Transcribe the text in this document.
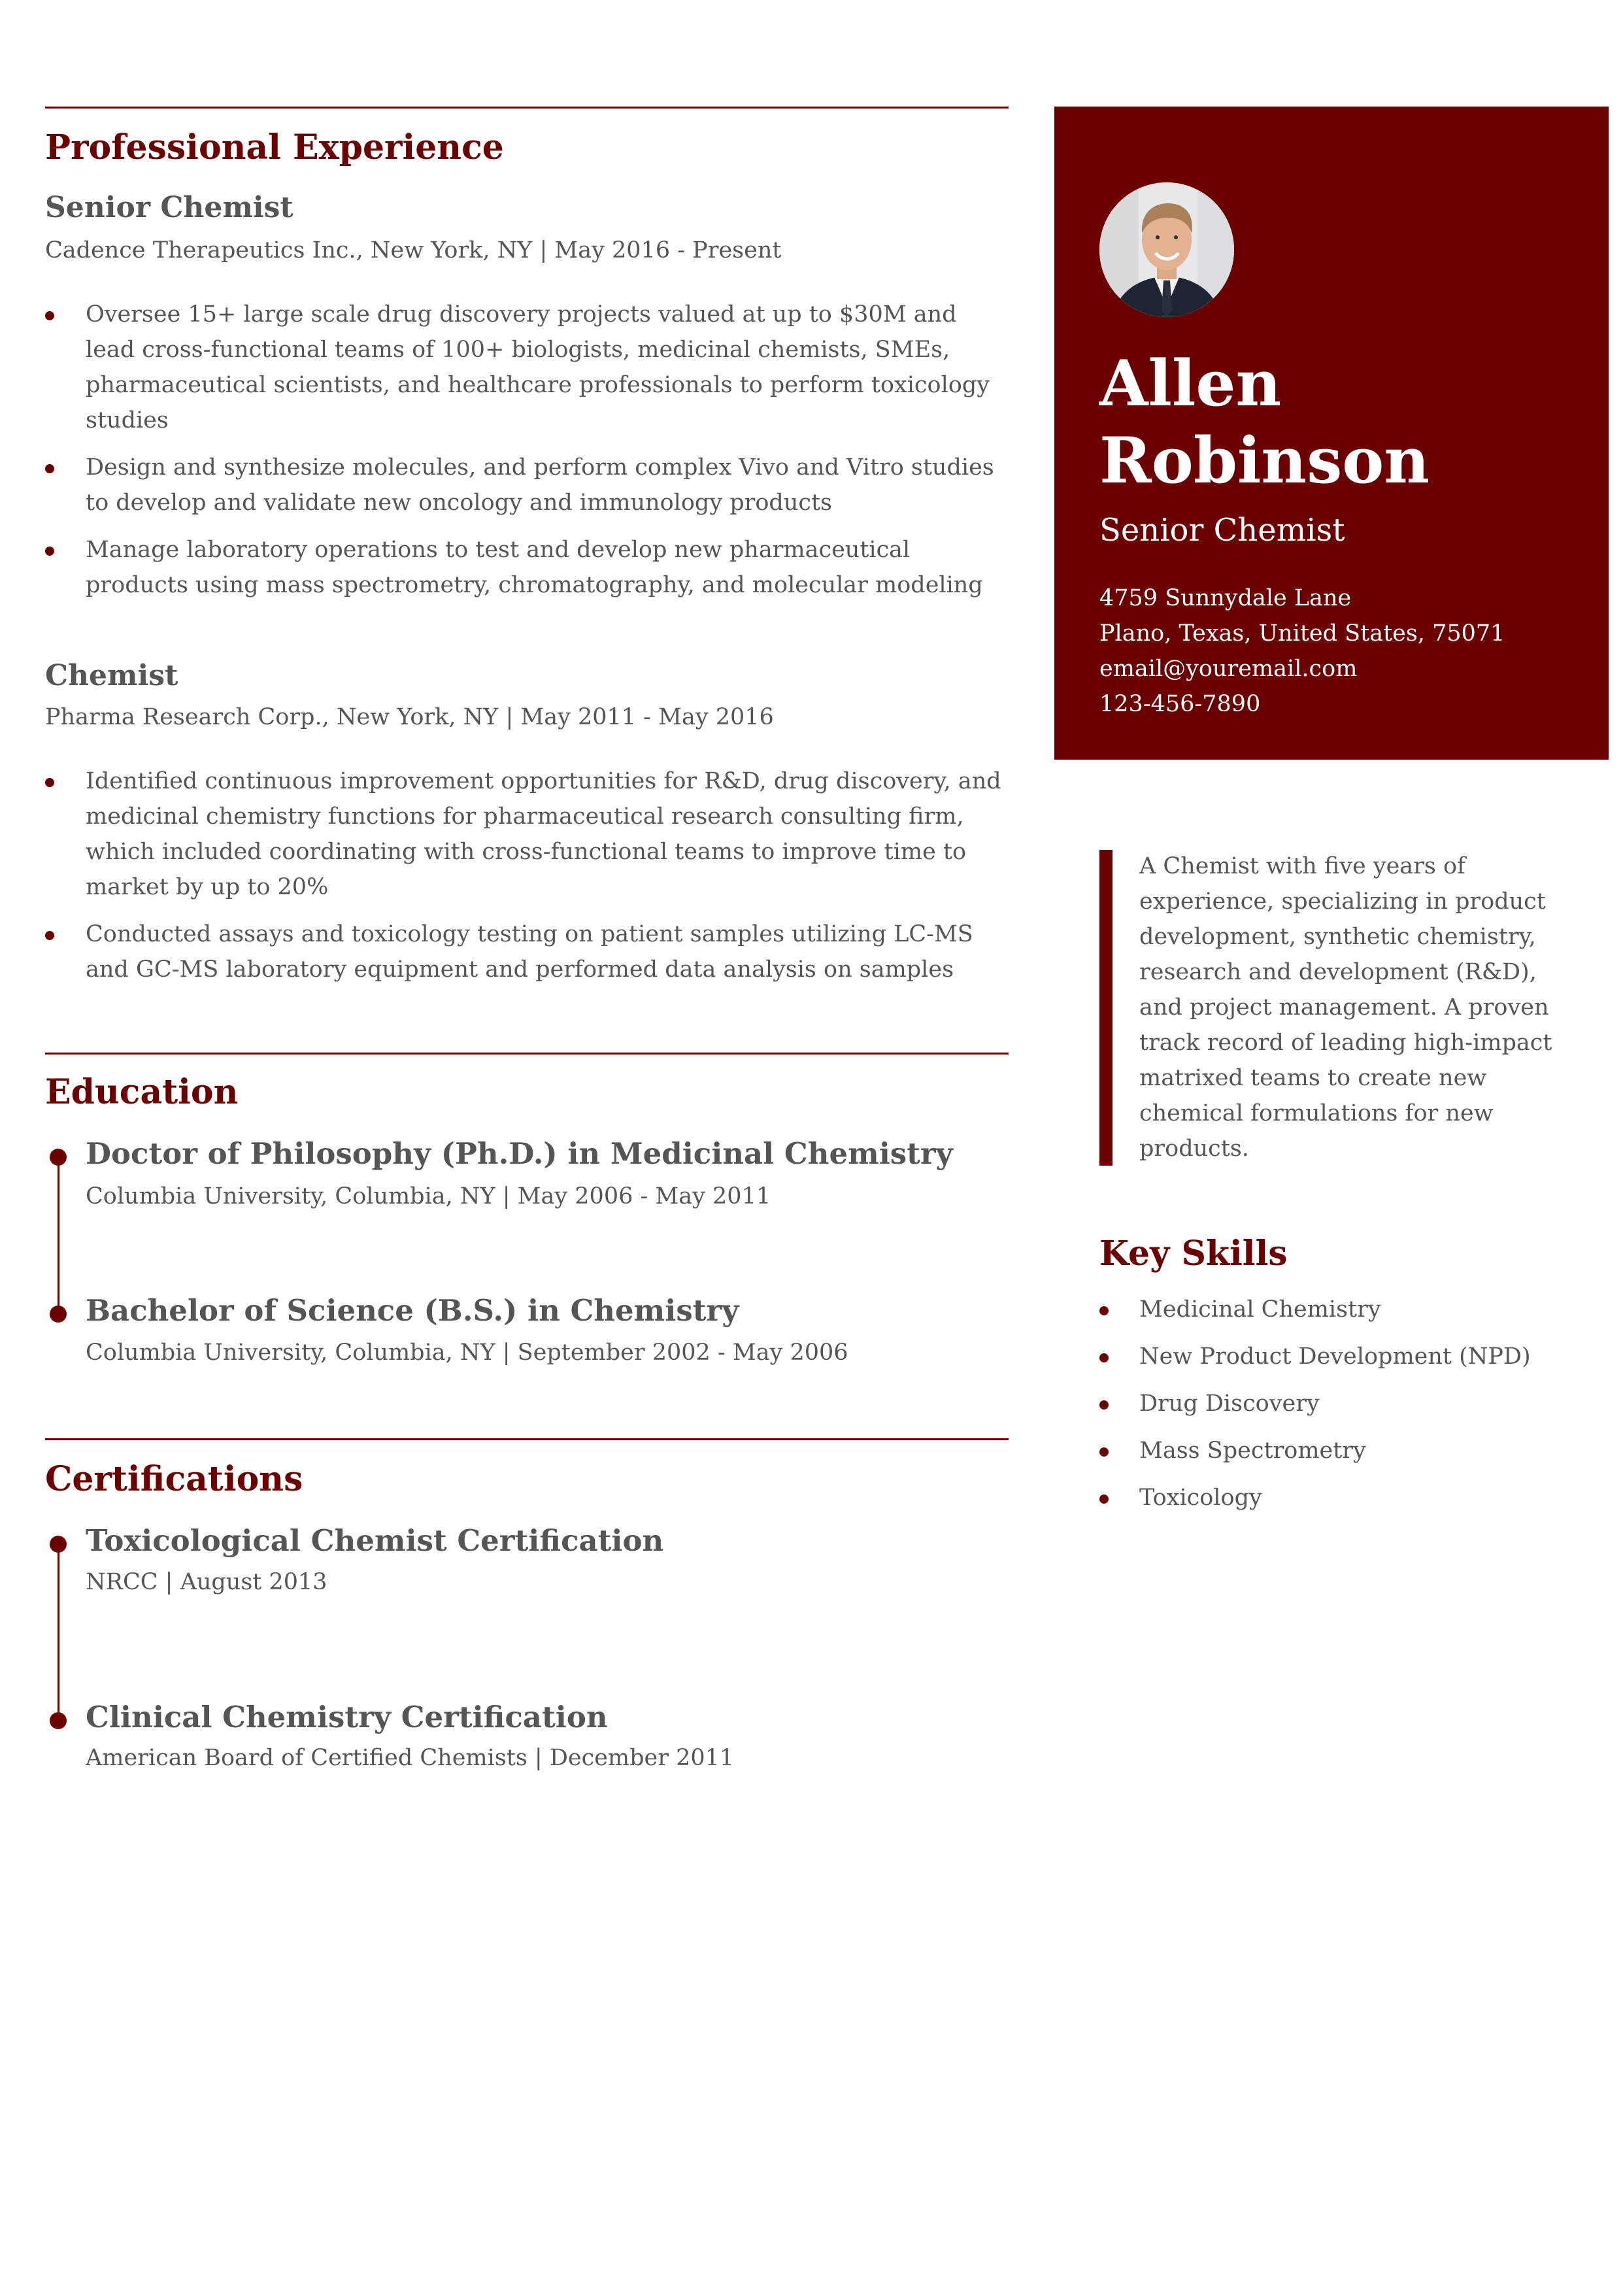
Professional Experience
Senior Chemist

Cadence Therapeutics Inc., New York, NY | May 2016 - Present

Oversee 15+ large scale drug discovery projects valued at up to $30M and lead cross-functional teams of 100+ biologists, medicinal chemists, SMEs, pharmaceutical scientists, and healthcare professionals to perform toxicology studies
Design and synthesize molecules, and perform complex Vivo and Vitro studies to develop and validate new oncology and immunology products
Manage laboratory operations to test and develop new pharmaceutical products using mass spectrometry, chromatography, and molecular modeling
Chemist

Pharma Research Corp., New York, NY | May 2011 - May 2016

Identified continuous improvement opportunities for R&D, drug discovery, and medicinal chemistry functions for pharmaceutical research consulting firm, which included coordinating with cross-functional teams to improve time to market by up to 20%
Conducted assays and toxicology testing on patient samples utilizing LC-MS and GC-MS laboratory equipment and performed data analysis on samples
Education
Doctor of Philosophy (Ph.D.) in Medicinal Chemistry

Columbia University, Columbia, NY | May 2006 - May 2011

Bachelor of Science (B.S.) in Chemistry

Columbia University, Columbia, NY | September 2002 - May 2006

Certifications
Toxicological Chemist Certification

NRCC | August 2013

Clinical Chemistry Certification

American Board of Certified Chemists | December 2011

Allen
Robinson

Senior Chemist

4759 Sunnydale Lane
Plano, Texas, United States, 75071
email@youremail.com
123-456-7890

A Chemist with five years of experience, specializing in product development, synthetic chemistry, research and development (R&D), and project management. A proven track record of leading high-impact matrixed teams to create new chemical formulations for new products.

Key Skills
Medicinal Chemistry
New Product Development (NPD)
Drug Discovery
Mass Spectrometry
Toxicology
